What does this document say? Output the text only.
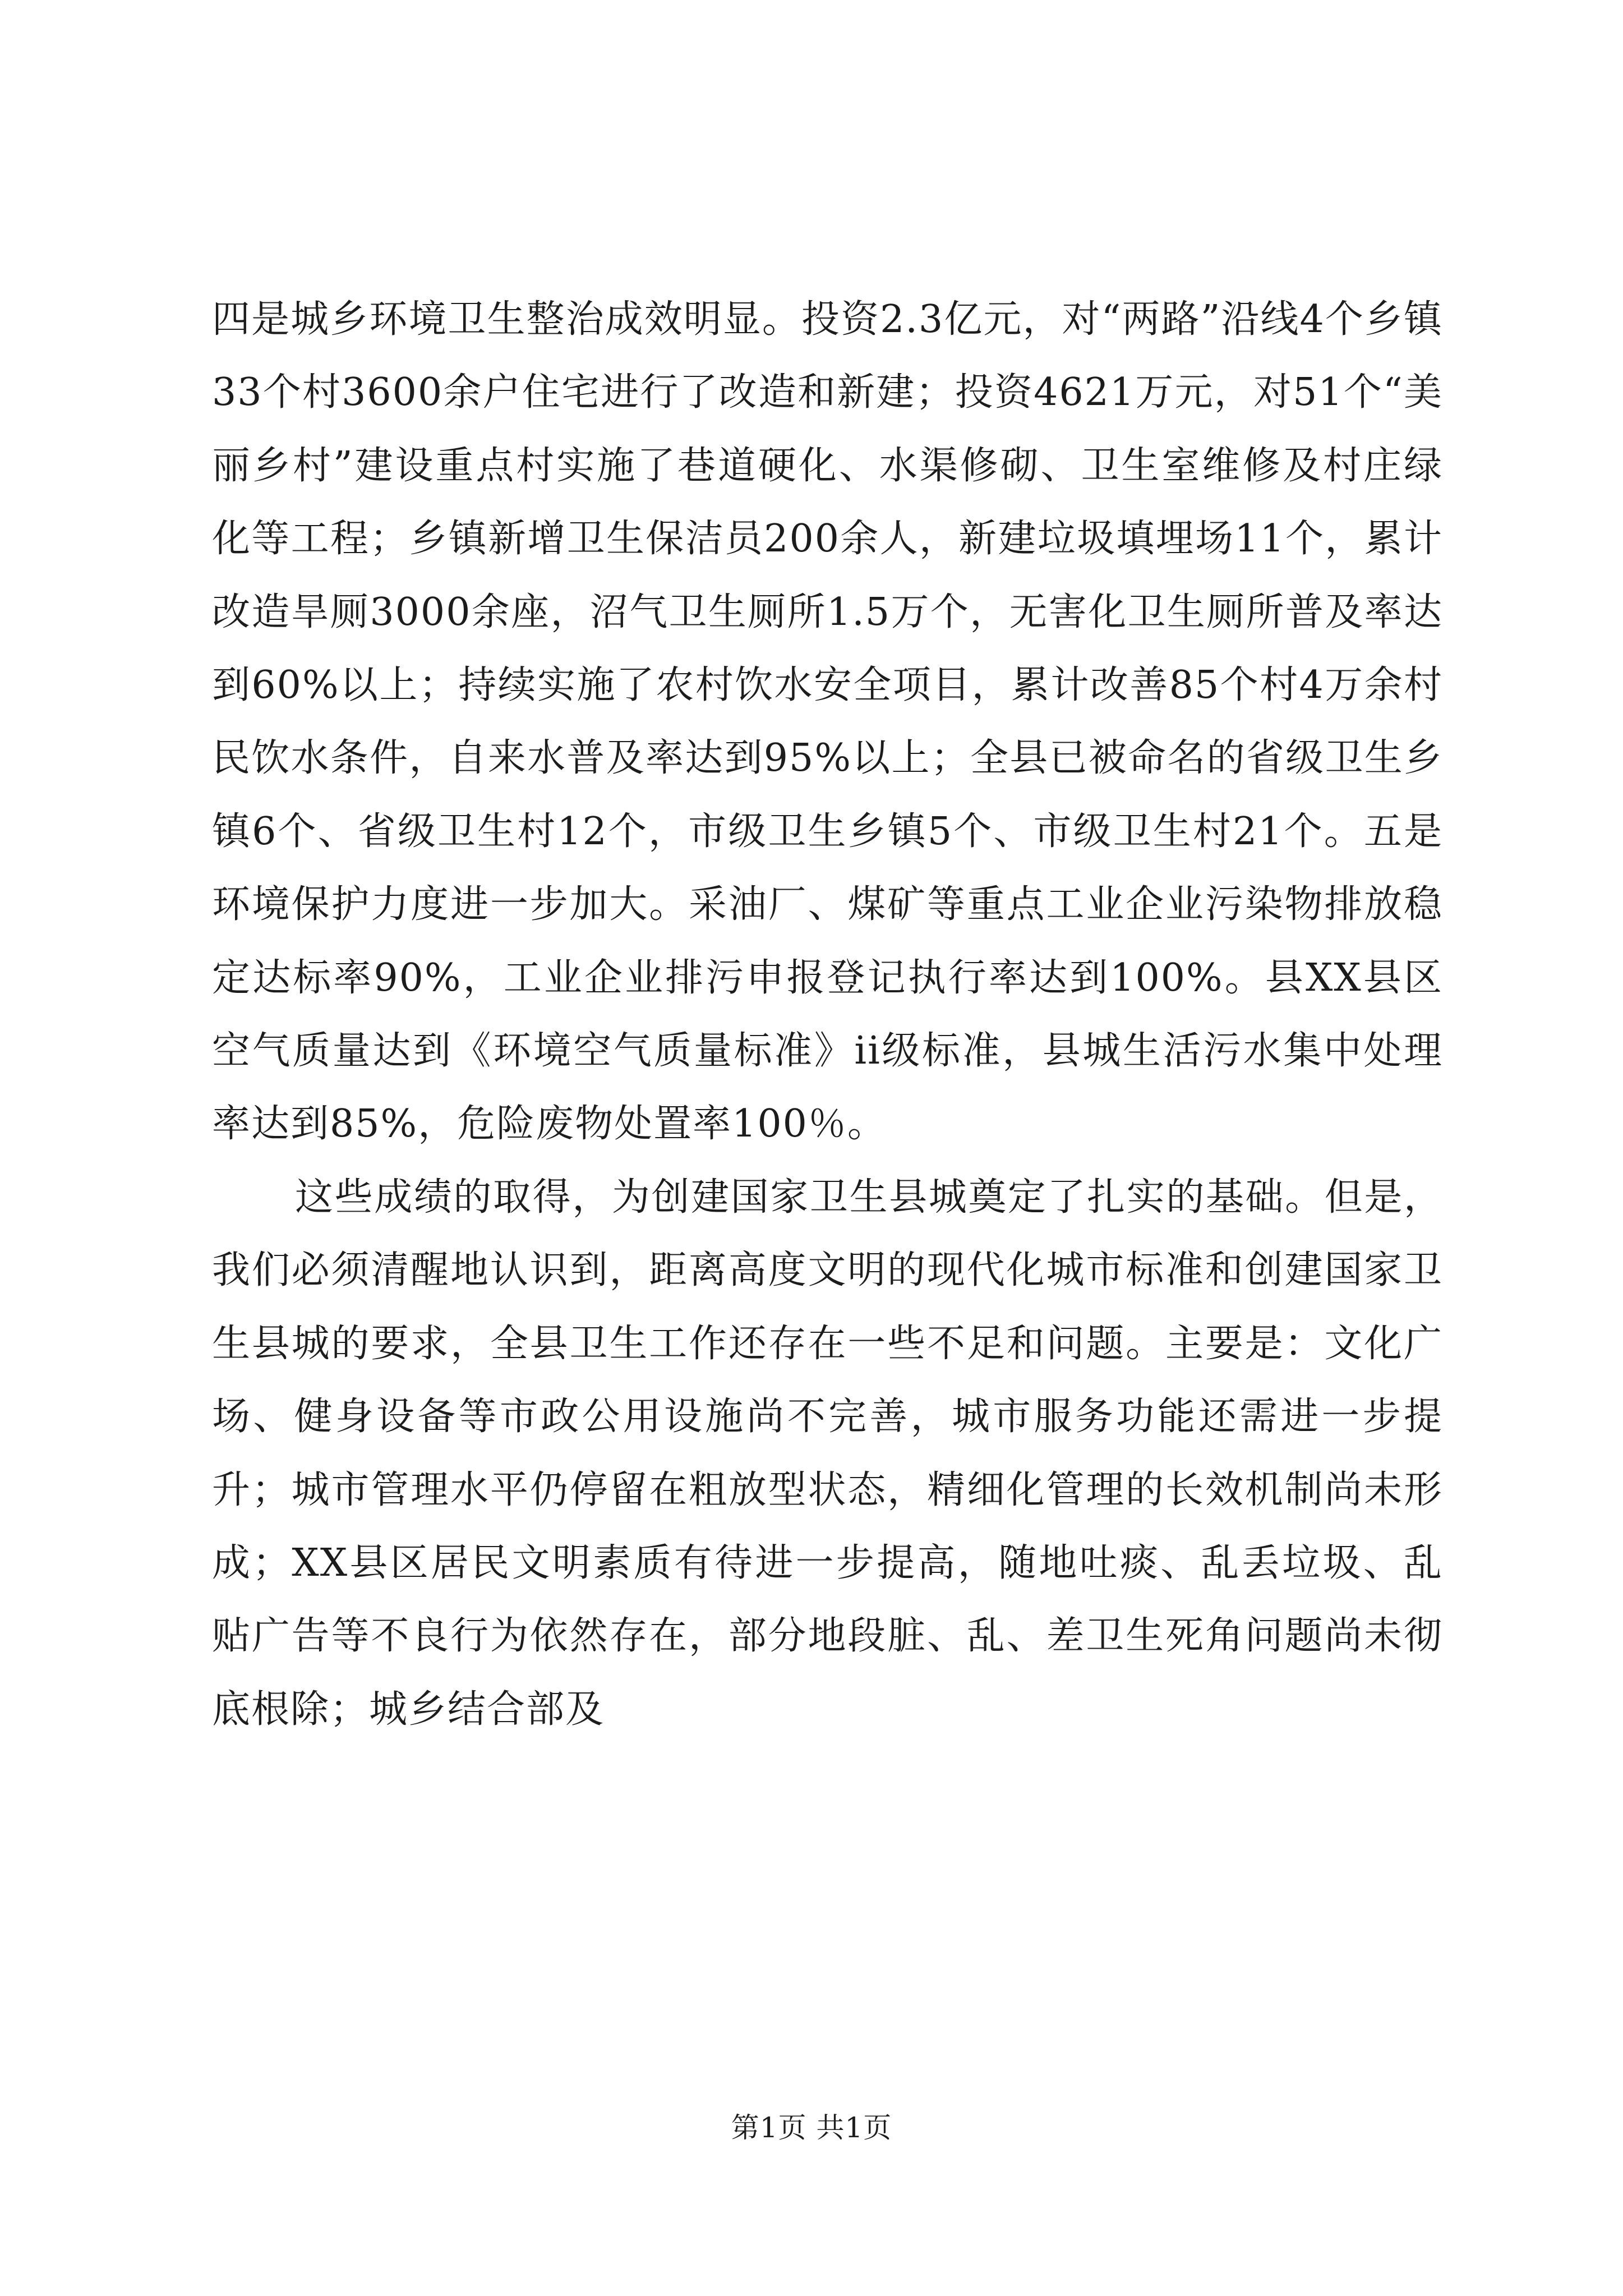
四是城乡环境卫生整治成效明显。投资2.3亿元，对“两路”沿线4个乡镇33个村3600余户住宅进行了改造和新建；投资4621万元，对51个“美丽乡村”建设重点村实施了巷道硬化、水渠修砌、卫生室维修及村庄绿化等工程；乡镇新增卫生保洁员200余人，新建垃圾填埋场11个，累计改造旱厕3000余座，沼气卫生厕所1.5万个，无害化卫生厕所普及率达到60%以上；持续实施了农村饮水安全项目，累计改善85个村4万余村民饮水条件，自来水普及率达到95%以上；全县已被命名的省级卫生乡镇6个、省级卫生村12个，市级卫生乡镇5个、市级卫生村21个。五是环境保护力度进一步加大。采油厂、煤矿等重点工业企业污染物排放稳定达标率90%，工业企业排污申报登记执行率达到100%。县XX县区空气质量达到《环境空气质量标准》ii级标准，县城生活污水集中处理率达到85%，危险废物处置率100％。

这些成绩的取得，为创建国家卫生县城奠定了扎实的基础。但是，我们必须清醒地认识到，距离高度文明的现代化城市标准和创建国家卫生县城的要求，全县卫生工作还存在一些不足和问题。主要是：文化广场、健身设备等市政公用设施尚不完善，城市服务功能还需进一步提升；城市管理水平仍停留在粗放型状态，精细化管理的长效机制尚未形成；XX县区居民文明素质有待进一步提高，随地吐痰、乱丢垃圾、乱贴广告等不良行为依然存在，部分地段脏、乱、差卫生死角问题尚未彻底根除；城乡结合部及

第1页 共1页
